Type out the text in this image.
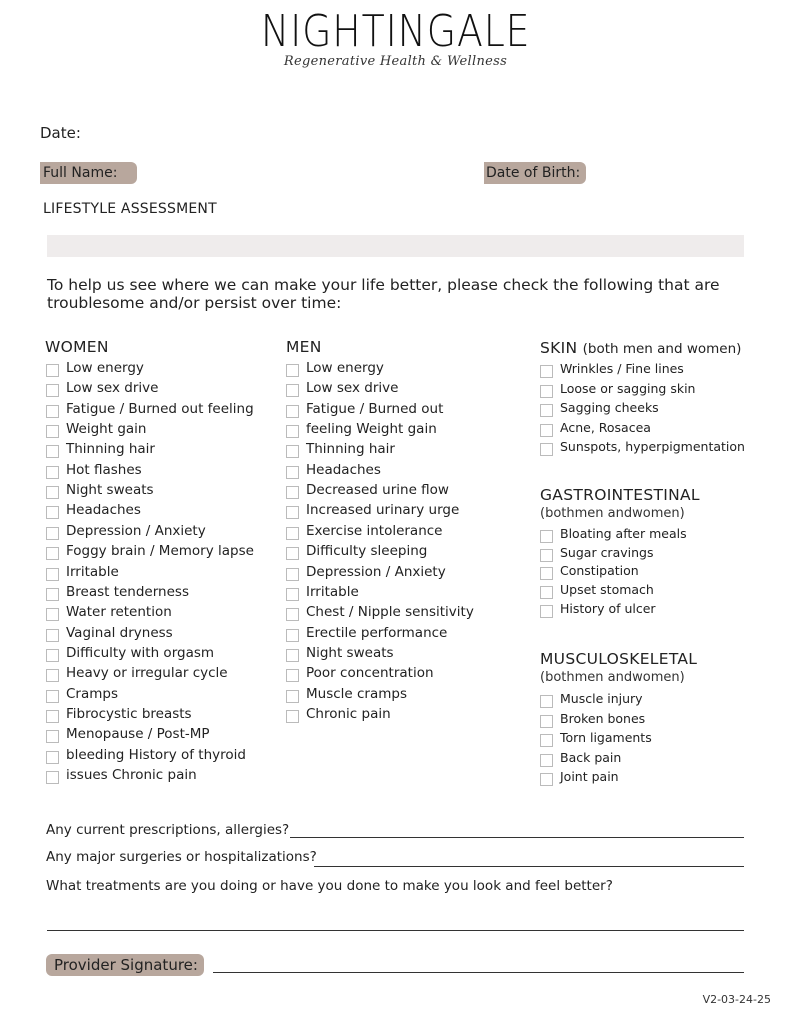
NIGHTINGALE
Regenerative Health & Wellness
Date:
Full Name:	Date of Birth:
LIFESTYLE ASSESSMENT
To help us see where we can make your life better, please check the following that are troublesome and/or persist over time:
WOMEN	MEN	SKIN (both men and women)
GASTROINTESTINAL
(bothmen andwomen)
MUSCULOSKELETAL
(bothmen andwomen)
Low energy
Low sex drive
Fatigue / Burned out feeling
Weight gain
Thinning hair
Hot flashes
Night sweats
Headaches
Depression / Anxiety
Foggy brain / Memory lapse
Irritable
Breast tenderness
Water retention
Vaginal dryness
Difficulty with orgasm
Heavy or irregular cycle
Cramps
Fibrocystic breasts
Menopause / Post-MP
bleeding History of thyroid
issues Chronic pain
Low energy
Low sex drive
Fatigue / Burned out
feeling Weight gain
Thinning hair
Headaches
Decreased urine flow
Increased urinary urge
Exercise intolerance
Difficulty sleeping
Depression / Anxiety
Irritable
Chest / Nipple sensitivity
Erectile performance
Night sweats
Poor concentration
Muscle cramps
Chronic pain
Wrinkles / Fine lines
Loose or sagging skin
Sagging cheeks
Acne, Rosacea
Sunspots, hyperpigmentation
Bloating after meals
Sugar cravings
Constipation
Upset stomach
History of ulcer
Muscle injury
Broken bones
Torn ligaments
Back pain
Joint pain
Any current prescriptions, allergies?
Any major surgeries or hospitalizations?
What treatments are you doing or have you done to make you look and feel better?
Provider Signature:
V2-03-24-25
